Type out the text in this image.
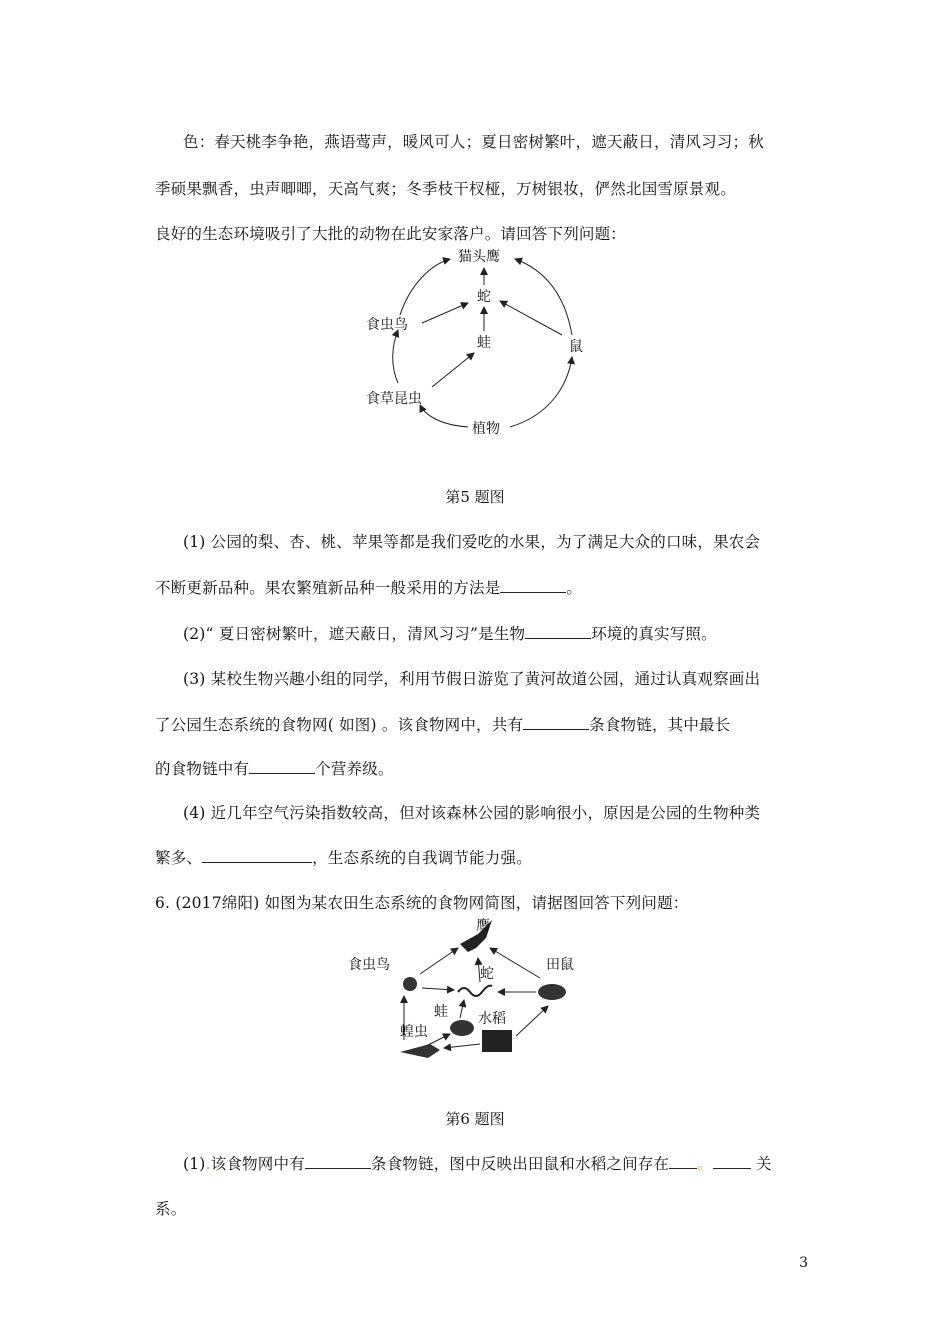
色：春天桃李争艳，燕语莺声，暖风可人；夏日密树繁叶，遮天蔽日，清风习习；秋
季硕果飘香，虫声唧唧，天高气爽；冬季枝干杈桠，万树银妆，俨然北国雪原景观。
良好的生态环境吸引了大批的动物在此安家落户。请回答下列问题：
猫头鹰
蛇
食虫鸟
蛙	鼠
食草昆虫
植物
第5 题图
(1) 公园的梨、杏、桃、苹果等都是我们爱吃的水果，为了满足大众的口味，果农会
不断更新品种。果农繁殖新品种一般采用的方法是	。
(2)“ 夏日密树繁叶，遮天蔽日，清风习习”是生物	环境的真实写照。
(3) 某校生物兴趣小组的同学，利用节假日游览了黄河故道公园，通过认真观察画出
了公园生态系统的食物网( 如图) 。该食物网中，共有	条食物链，其中最长
的食物链中有	个营养级。
(4) 近几年空气污染指数较高，但对该森林公园的影响很小，原因是公园的生物种类
繁多、	，生态系统的自我调节能力强。
6. (2017绵阳) 如图为某农田生态系统的食物网简图，请据图回答下列问题：
鹰
食虫鸟
蛇
田鼠
蛙 水稻
蝗虫
第6 题图
(1).该食物网中有	条食物链，图中反映出田鼠和水稻之间存在 。 关
系。
3
